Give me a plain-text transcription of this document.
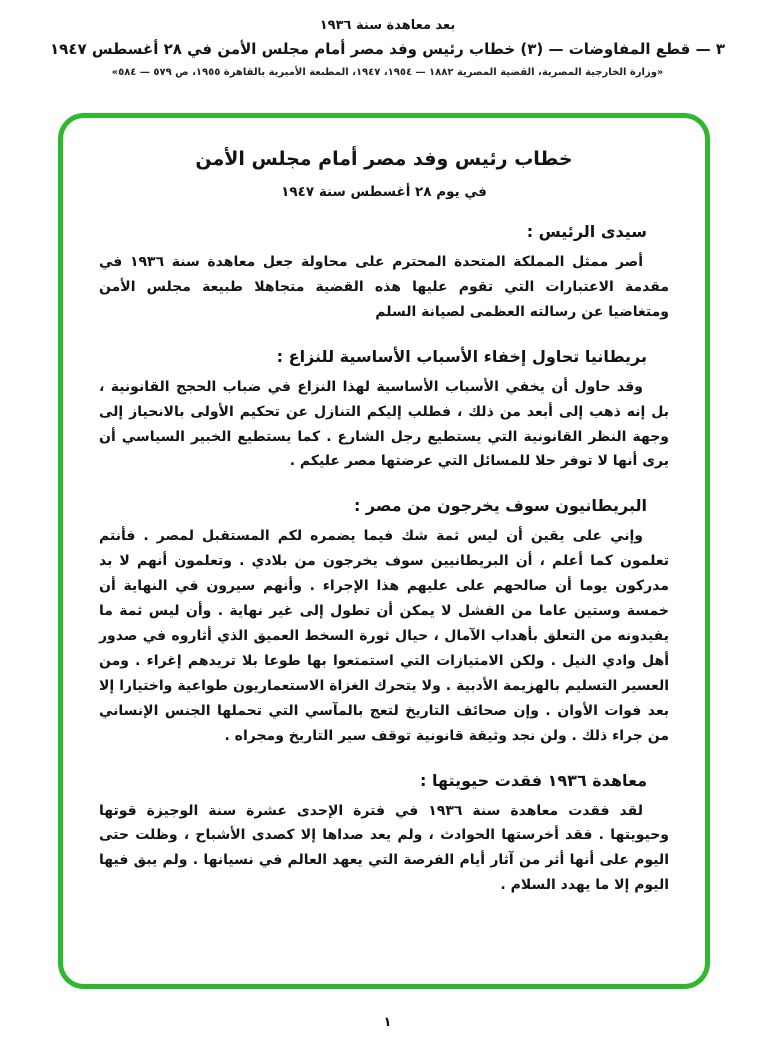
بعد معاهدة سنة ١٩٣٦
٣ — قطع المفاوضات — (٣) خطاب رئيس وفد مصر أمام مجلس الأمن في ٢٨ أغسطس ١٩٤٧
«وزارة الخارجية المصرية، القضية المصرية ١٨٨٢ — ١٩٥٤، ١٩٤٧، المطبعة الأميرية بالقاهرة ١٩٥٥، ص ٥٧٩ — ٥٨٤»
خطاب رئيس وفد مصر أمام مجلس الأمن
في يوم ٢٨ أغسطس سنة ١٩٤٧
سيدى الرئيس :

أصر ممثل المملكة المتحدة المحترم على محاولة جعل معاهدة سنة ١٩٣٦ في مقدمة الاعتبارات التي تقوم عليها هذه القضية متجاهلا طبيعة مجلس الأمن ومتغاضيا عن رسالته العظمى لصيانة السلم

بريطانيا تحاول إخفاء الأسباب الأساسية للنزاع :

وقد حاول أن يخفي الأسباب الأساسية لهذا النزاع في ضباب الحجج القانونية ، بل إنه ذهب إلى أبعد من ذلك ، فطلب إليكم التنازل عن تحكيم الأولى بالانحياز إلى وجهة النظر القانونية التي يستطيع رجل الشارع . كما يستطيع الخبير السياسي أن يرى أنها لا توفر حلا للمسائل التي عرضتها مصر عليكم .

البريطانيون سوف يخرجون من مصر :

وإني على يقين أن ليس ثمة شك فيما يضمره لكم المستقبل لمصر . فأنتم تعلمون كما أعلم ، أن البريطانيين سوف يخرجون من بلادي . وتعلمون أنهم لا بد مدركون يوما أن صالحهم على عليهم هذا الإجراء . وأنهم سيرون في النهاية أن خمسة وستين عاما من الفشل لا يمكن أن تطول إلى غير نهاية . وأن ليس ثمة ما يفيدونه من التعلق بأهداب الآمال ، حيال ثورة السخط العميق الذي أثاروه في صدور أهل وادي النيل . ولكن الامتيازات التي استمتعوا بها طوعا بلا تريدهم إغراء . ومن العسير التسليم بالهزيمة الأدبية . ولا يتحرك الغزاة الاستعماريون طواعية واختيارا إلا بعد فوات الأوان . وإن صحائف التاريخ لتعج بالمآسي التي تحملها الجنس الإنساني من جراء ذلك . ولن نجد وثيقة قانونية توقف سير التاريخ ومجراه .

معاهدة ١٩٣٦ فقدت حيويتها :

لقد فقدت معاهدة سنة ١٩٣٦ في فترة الإحدى عشرة سنة الوجيزة قوتها وحيويتها . فقد أخرستها الحوادث ، ولم يعد صداها إلا كصدى الأشباح ، وظلت حتى اليوم على أنها أثر من آثار أيام الفرصة التي يعهد العالم في نسيانها . ولم يبق فيها اليوم إلا ما يهدد السلام .

١
